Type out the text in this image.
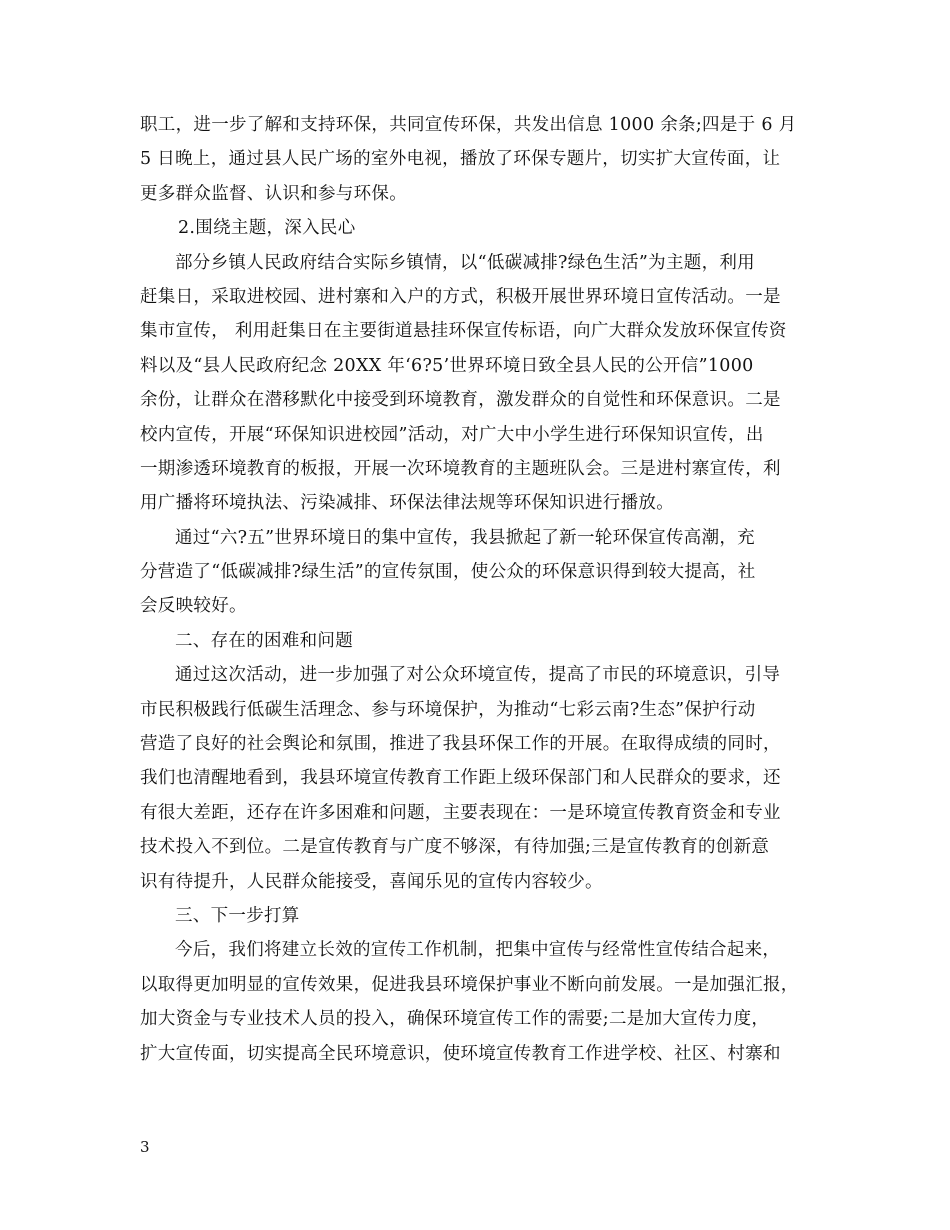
职工，进一步了解和支持环保，共同宣传环保，共发出信息 1000 余条;四是于 6 月
5 日晚上，通过县人民广场的室外电视，播放了环保专题片，切实扩大宣传面，让
更多群众监督、认识和参与环保。
2.围绕主题，深入民心
部分乡镇人民政府结合实际乡镇情，以“低碳减排?绿色生活”为主题，利用
赶集日，采取进校园、进村寨和入户的方式，积极开展世界环境日宣传活动。一是
集市宣传， 利用赶集日在主要街道悬挂环保宣传标语，向广大群众发放环保宣传资
料以及“县人民政府纪念 20XX 年‘6?5’世界环境日致全县人民的公开信”1000
余份，让群众在潜移默化中接受到环境教育，激发群众的自觉性和环保意识。二是
校内宣传，开展“环保知识进校园”活动，对广大中小学生进行环保知识宣传，出
一期渗透环境教育的板报，开展一次环境教育的主题班队会。三是进村寨宣传，利
用广播将环境执法、污染减排、环保法律法规等环保知识进行播放。
通过“六?五”世界环境日的集中宣传，我县掀起了新一轮环保宣传高潮，充
分营造了“低碳减排?绿生活”的宣传氛围，使公众的环保意识得到较大提高，社
会反映较好。
二、存在的困难和问题
通过这次活动，进一步加强了对公众环境宣传，提高了市民的环境意识，引导
市民积极践行低碳生活理念、参与环境保护，为推动“七彩云南?生态”保护行动
营造了良好的社会舆论和氛围，推进了我县环保工作的开展。在取得成绩的同时，
我们也清醒地看到，我县环境宣传教育工作距上级环保部门和人民群众的要求，还
有很大差距，还存在许多困难和问题，主要表现在：一是环境宣传教育资金和专业
技术投入不到位。二是宣传教育与广度不够深，有待加强;三是宣传教育的创新意
识有待提升，人民群众能接受，喜闻乐见的宣传内容较少。
三、下一步打算
今后，我们将建立长效的宣传工作机制，把集中宣传与经常性宣传结合起来，
以取得更加明显的宣传效果，促进我县环境保护事业不断向前发展。一是加强汇报，
加大资金与专业技术人员的投入，确保环境宣传工作的需要;二是加大宣传力度，
扩大宣传面，切实提高全民环境意识，使环境宣传教育工作进学校、社区、村寨和
3
